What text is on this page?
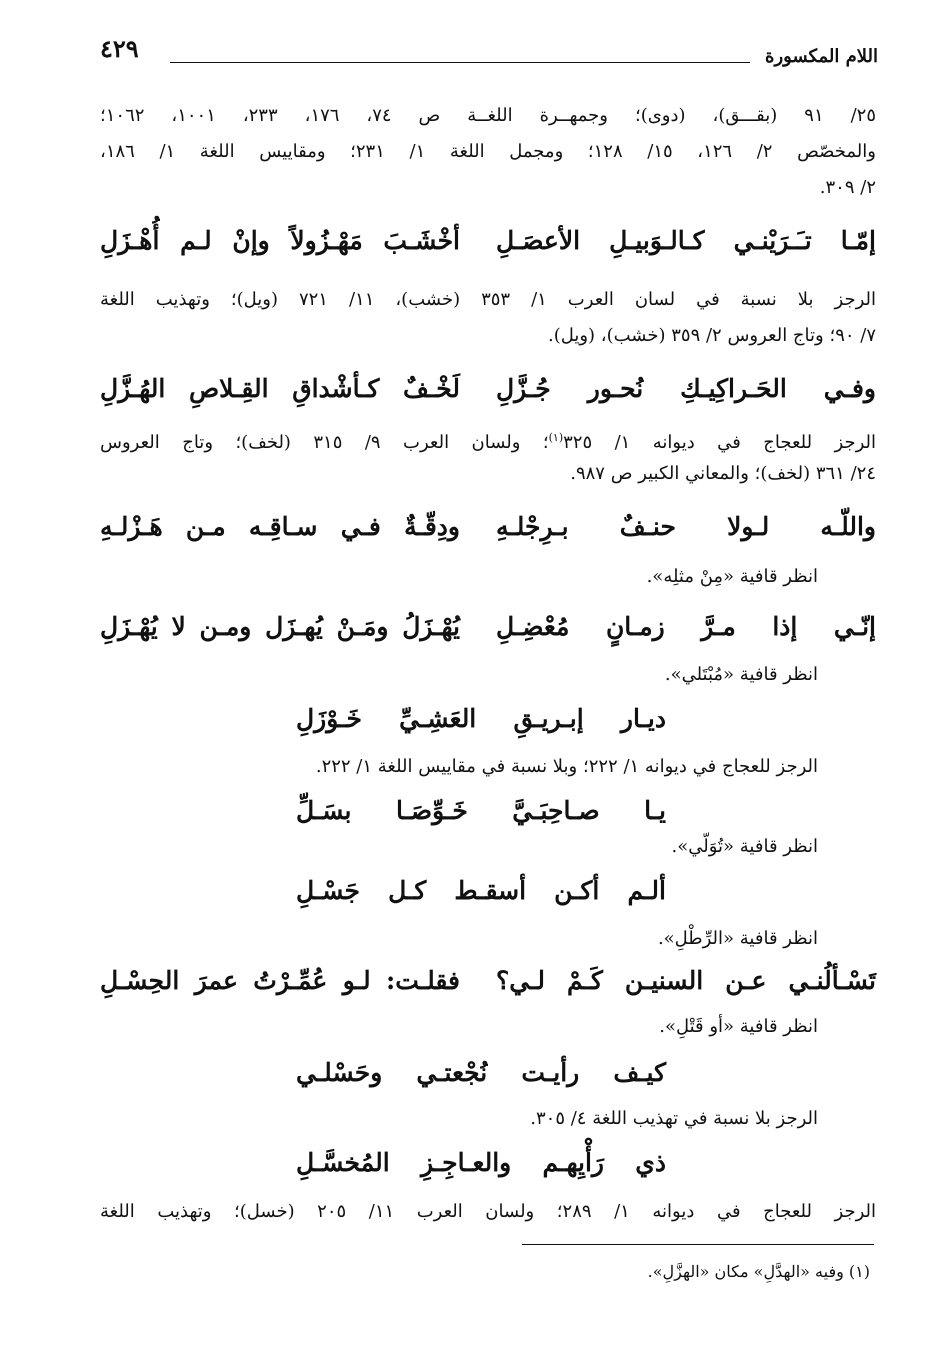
اللام المكسورة
٤٢٩
٢٥/ ٩١ (بقـــق)، (دوى)؛ وجمهــرة اللغــة ص ٧٤، ١٧٦، ٢٣٣، ١٠٠١، ١٠٦٢؛
والمخصّص ٢/ ١٢٦، ١٥/ ١٢٨؛ ومجمل اللغة ١/ ٢٣١؛ ومقاييس اللغة ١/ ١٨٦،
٢/ ٣٠٩.
إمّـا تـَـرَيْنـي كـالـوَبيـلِ الأعصَـلِ
أخْشَـبَ مَهْـزُولاً وإنْ لـم أُهْـزَلِ
الرجز بلا نسبة في لسان العرب ١/ ٣٥٣ (خشب)، ١١/ ٧٢١ (ويل)؛ وتهذيب اللغة
٧/ ٩٠؛ وتاج العروس ٢/ ٣٥٩ (خشب)، (ويل).
وفـي الحَـراكِيـكِ نُحـور جُـزَّلِ
لَخْـفٌ كـأشْداقِ القِـلاصِ الهُـزَّلِ
الرجز للعجاج في ديوانه ١/ ٣٢٥$^{(١)}$؛ ولسان العرب ٩/ ٣١٥ (لخف)؛ وتاج العروس
٢٤/ ٣٦١ (لخف)؛ والمعاني الكبير ص ٩٨٧.
واللّـه لـولا حنـفٌ بـرِجْلـهِ
ودِقّـةٌ فـي سـاقِـه مـن هَـزْلـهِ
انظر قافية «مِنْ مثلِه».
إنّـي إذا مـرَّ زمـانٍ مُعْضِـلِ
يُهْـزَلُ ومَـنْ يُهـزَل ومـن لا يُهْـزَلِ
انظر قافية «مُبْتَلي».
ديـار إبـريـقِ العَشِـيِّ خَـوْزَلِ
الرجز للعجاج في ديوانه ١/ ٢٢٢؛ وبلا نسبة في مقاييس اللغة ١/ ٢٢٢.
يـا صـاحِبَـيَّ خَـوِّصَـا بسَـلِّ
انظر قافية «تُوَلّي».
ألـم أكـن أسقـط كـل جَسْـلِ
انظر قافية «الرِّطْلِ».
تَسْـألُنـي عـن السنيـن كَـمْ لـي؟
فقلـت: لـو عُمِّـرْتُ عمرَ الحِسْـلِ
انظر قافية «أو قَتْلِ».
كيـف رأيـت نُجْعتـي وحَسْلـي
الرجز بلا نسبة في تهذيب اللغة ٤/ ٣٠٥.
ذي رَأْيِهـم والعـاجِـزِ المُخسَّـلِ
الرجز للعجاج في ديوانه ١/ ٢٨٩؛ ولسان العرب ١١/ ٢٠٥ (خسل)؛ وتهذيب اللغة
(١) وفيه «الهدَّلِ» مكان «الهزَّلِ».
